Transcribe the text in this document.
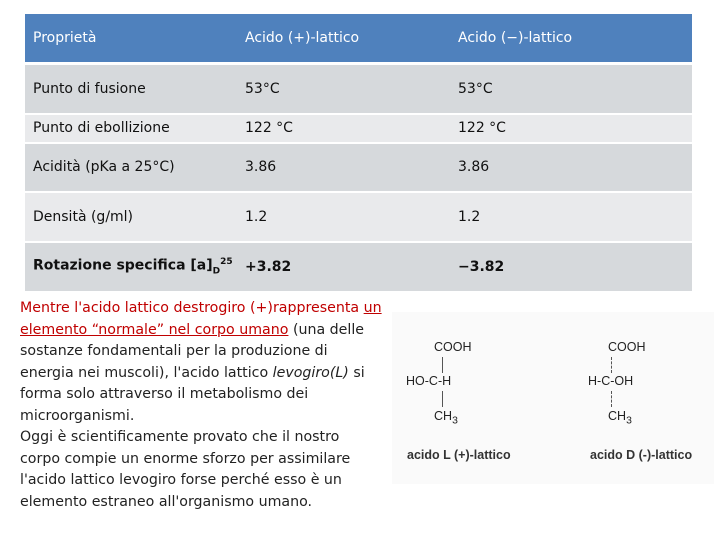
Proprietà	Acido (+)-lattico	Acido (−)-lattico
Punto di fusione	53°C	53°C
Punto di ebollizione	122 °C	122 °C
Acidità (pKa a 25°C)	3.86	3.86
Densità (g/ml)	1.2	1.2
Rotazione specifica $[a]_D^{25}$	+3.82	−3.82
Mentre l'acido lattico destrogiro (+)rappresenta un elemento “normale” nel corpo umano (una delle sostanze fondamentali per la produzione di energia nei muscoli), l'acido lattico levogiro(L) si forma solo attraverso il metabolismo dei microorganismi.
Oggi è scientificamente provato che il nostro corpo compie un enorme sforzo per assimilare l'acido lattico levogiro forse perché esso è un elemento estraneo all'organismo umano.
COOH
HO-C-H
$CH_3$
acido L (+)-lattico
COOH
H-C-OH
$CH_3$
acido D (-)-lattico
